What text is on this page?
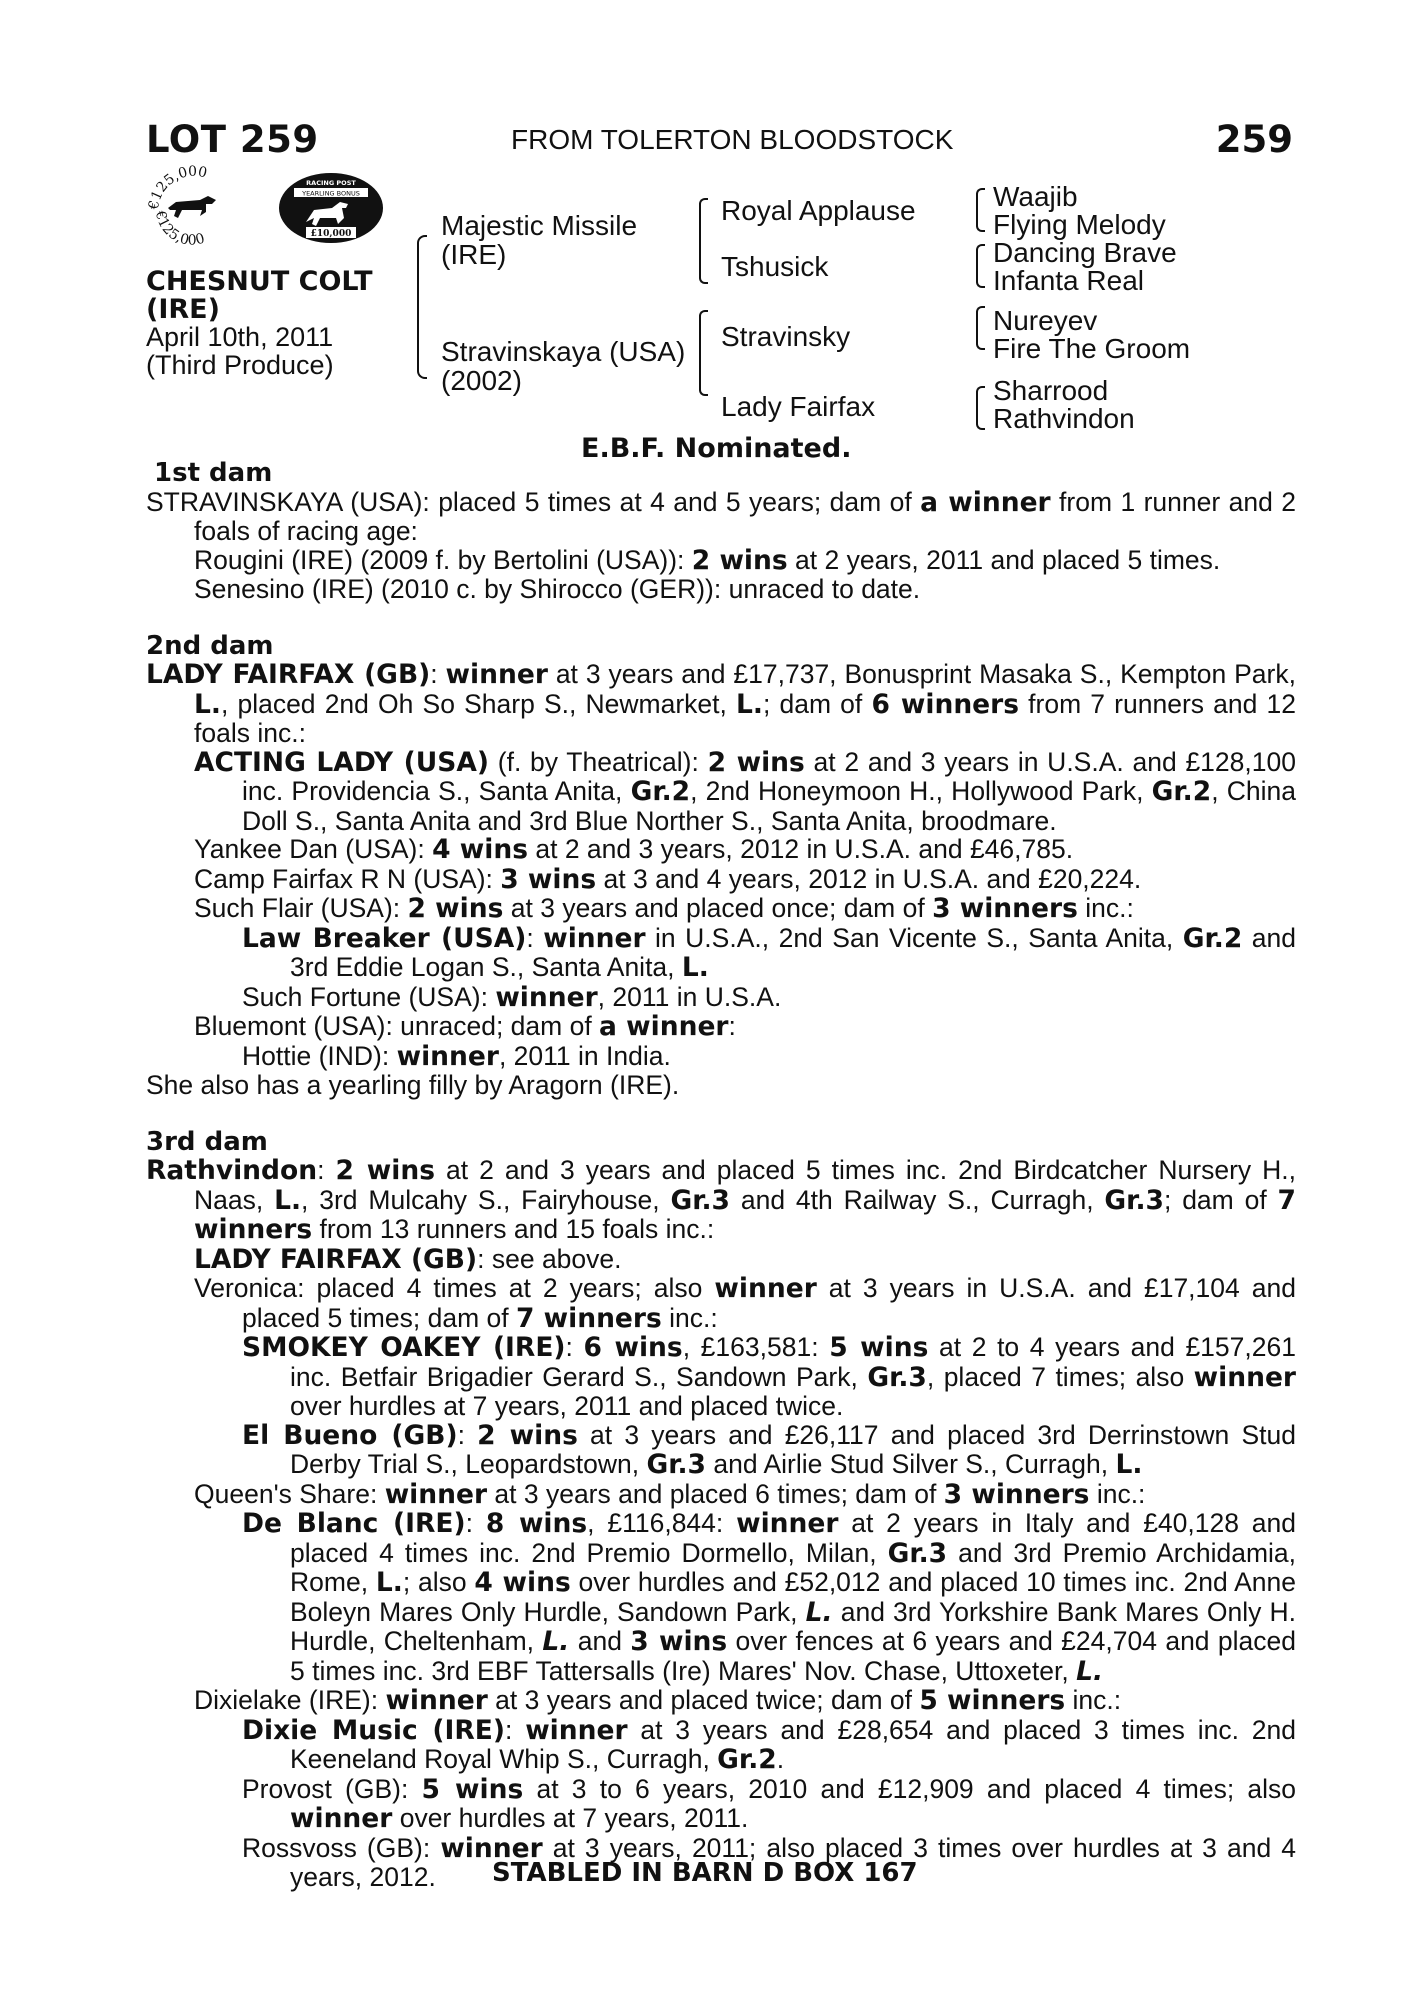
LOT 259	FROM TOLERTON BLOODSTOCK	259
€125,000
€125,000
RACING POST
YEARLING BONUS
£10,000
CHESNUT COLT
(IRE)
April 10th, 2011
(Third Produce)
Majestic Missile
(IRE)
Stravinskaya (USA)
(2002)
Royal Applause
Tshusick
Stravinsky
Lady Fairfax
Waajib
Flying Melody
Dancing Brave
Infanta Real
Nureyev
Fire The Groom
Sharrood
Rathvindon
E.B.F. Nominated.

1st dam

STRAVINSKAYA (USA): placed 5 times at 4 and 5 years; dam of a winner from 1 runner and 2 foals of racing age:

Rougini (IRE) (2009 f. by Bertolini (USA)): 2 wins at 2 years, 2011 and placed 5 times.

Senesino (IRE) (2010 c. by Shirocco (GER)): unraced to date.

2nd dam

LADY FAIRFAX (GB): winner at 3 years and £17,737, Bonusprint Masaka S., Kempton Park, L., placed 2nd Oh So Sharp S., Newmarket, L.; dam of 6 winners from 7 runners and 12 foals inc.:

ACTING LADY (USA) (f. by Theatrical): 2 wins at 2 and 3 years in U.S.A. and £128,100 inc. Providencia S., Santa Anita, Gr.2, 2nd Honeymoon H., Hollywood Park, Gr.2, China Doll S., Santa Anita and 3rd Blue Norther S., Santa Anita, broodmare.

Yankee Dan (USA): 4 wins at 2 and 3 years, 2012 in U.S.A. and £46,785.

Camp Fairfax R N (USA): 3 wins at 3 and 4 years, 2012 in U.S.A. and £20,224.

Such Flair (USA): 2 wins at 3 years and placed once; dam of 3 winners inc.:

Law Breaker (USA): winner in U.S.A., 2nd San Vicente S., Santa Anita, Gr.2 and 3rd Eddie Logan S., Santa Anita, L.

Such Fortune (USA): winner, 2011 in U.S.A.

Bluemont (USA): unraced; dam of a winner:

Hottie (IND): winner, 2011 in India.

She also has a yearling filly by Aragorn (IRE).

3rd dam

Rathvindon: 2 wins at 2 and 3 years and placed 5 times inc. 2nd Birdcatcher Nursery H., Naas, L., 3rd Mulcahy S., Fairyhouse, Gr.3 and 4th Railway S., Curragh, Gr.3; dam of 7 winners from 13 runners and 15 foals inc.:

LADY FAIRFAX (GB): see above.

Veronica: placed 4 times at 2 years; also winner at 3 years in U.S.A. and £17,104 and placed 5 times; dam of 7 winners inc.:

SMOKEY OAKEY (IRE): 6 wins, £163,581: 5 wins at 2 to 4 years and £157,261 inc. Betfair Brigadier Gerard S., Sandown Park, Gr.3, placed 7 times; also winner over hurdles at 7 years, 2011 and placed twice.

El Bueno (GB): 2 wins at 3 years and £26,117 and placed 3rd Derrinstown Stud Derby Trial S., Leopardstown, Gr.3 and Airlie Stud Silver S., Curragh, L.

Queen's Share: winner at 3 years and placed 6 times; dam of 3 winners inc.:

De Blanc (IRE): 8 wins, £116,844: winner at 2 years in Italy and £40,128 and placed 4 times inc. 2nd Premio Dormello, Milan, Gr.3 and 3rd Premio Archidamia, Rome, L.; also 4 wins over hurdles and £52,012 and placed 10 times inc. 2nd Anne Boleyn Mares Only Hurdle, Sandown Park, L. and 3rd Yorkshire Bank Mares Only H. Hurdle, Cheltenham, L. and 3 wins over fences at 6 years and £24,704 and placed 5 times inc. 3rd EBF Tattersalls (Ire) Mares' Nov. Chase, Uttoxeter, L.

Dixielake (IRE): winner at 3 years and placed twice; dam of 5 winners inc.:

Dixie Music (IRE): winner at 3 years and £28,654 and placed 3 times inc. 2nd Keeneland Royal Whip S., Curragh, Gr.2.

Provost (GB): 5 wins at 3 to 6 years, 2010 and £12,909 and placed 4 times; also winner over hurdles at 7 years, 2011.

Rossvoss (GB): winner at 3 years, 2011; also placed 3 times over hurdles at 3 and 4 years, 2012.	STABLED IN BARN D BOX 167
